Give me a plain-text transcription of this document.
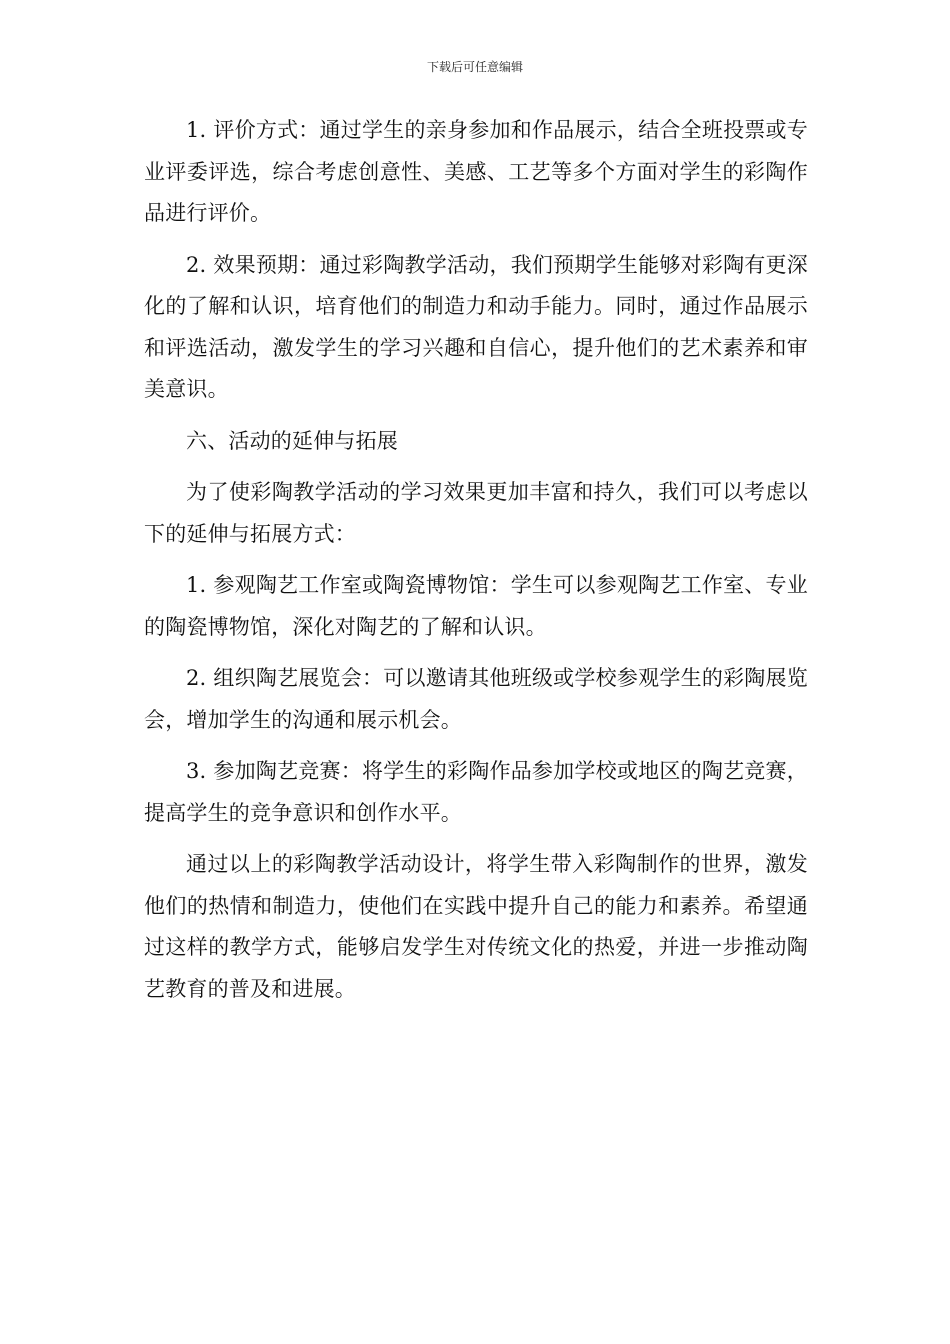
下载后可任意编辑

1. 评价方式：通过学生的亲身参加和作品展示，结合全班投票或专业评委评选，综合考虑创意性、美感、工艺等多个方面对学生的彩陶作品进行评价。

2. 效果预期：通过彩陶教学活动，我们预期学生能够对彩陶有更深化的了解和认识，培育他们的制造力和动手能力。同时，通过作品展示和评选活动，激发学生的学习兴趣和自信心，提升他们的艺术素养和审美意识。

六、活动的延伸与拓展

为了使彩陶教学活动的学习效果更加丰富和持久，我们可以考虑以下的延伸与拓展方式：

1. 参观陶艺工作室或陶瓷博物馆：学生可以参观陶艺工作室、专业的陶瓷博物馆，深化对陶艺的了解和认识。

2. 组织陶艺展览会：可以邀请其他班级或学校参观学生的彩陶展览会，增加学生的沟通和展示机会。

3. 参加陶艺竞赛：将学生的彩陶作品参加学校或地区的陶艺竞赛，提高学生的竞争意识和创作水平。

通过以上的彩陶教学活动设计，将学生带入彩陶制作的世界，激发他们的热情和制造力，使他们在实践中提升自己的能力和素养。希望通过这样的教学方式，能够启发学生对传统文化的热爱，并进一步推动陶艺教育的普及和进展。
